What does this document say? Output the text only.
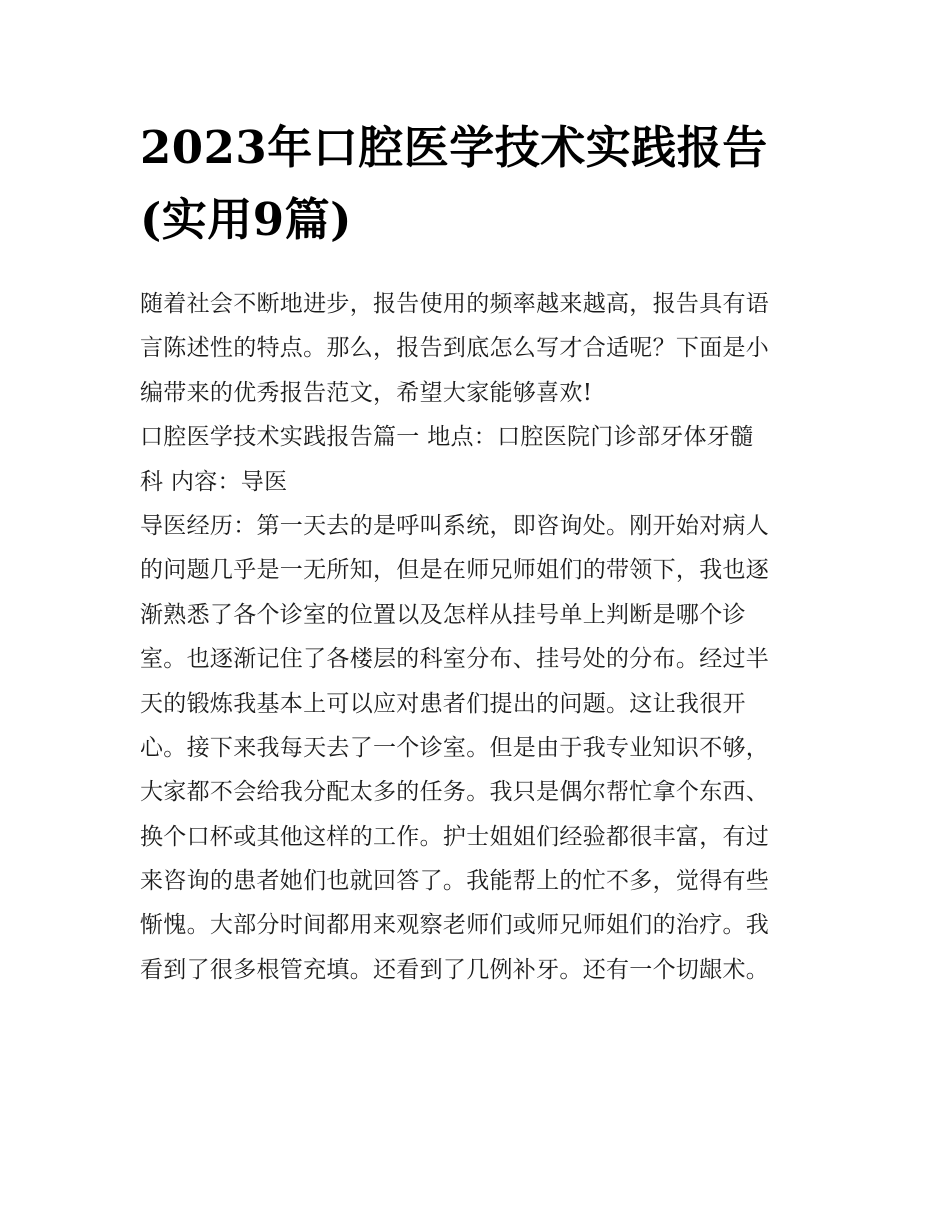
2023年口腔医学技术实践报告
(实用9篇)
随着社会不断地进步，报告使用的频率越来越高，报告具有语
言陈述性的特点。那么，报告到底怎么写才合适呢？下面是小
编带来的优秀报告范文，希望大家能够喜欢!
口腔医学技术实践报告篇一 地点：口腔医院门诊部牙体牙髓
科 内容：导医
导医经历：第一天去的是呼叫系统，即咨询处。刚开始对病人
的问题几乎是一无所知，但是在师兄师姐们的带领下，我也逐
渐熟悉了各个诊室的位置以及怎样从挂号单上判断是哪个诊
室。也逐渐记住了各楼层的科室分布、挂号处的分布。经过半
天的锻炼我基本上可以应对患者们提出的问题。这让我很开
心。接下来我每天去了一个诊室。但是由于我专业知识不够，
大家都不会给我分配太多的任务。我只是偶尔帮忙拿个东西、
换个口杯或其他这样的工作。护士姐姐们经验都很丰富，有过
来咨询的患者她们也就回答了。我能帮上的忙不多，觉得有些
惭愧。大部分时间都用来观察老师们或师兄师姐们的治疗。我
看到了很多根管充填。还看到了几例补牙。还有一个切龈术。
